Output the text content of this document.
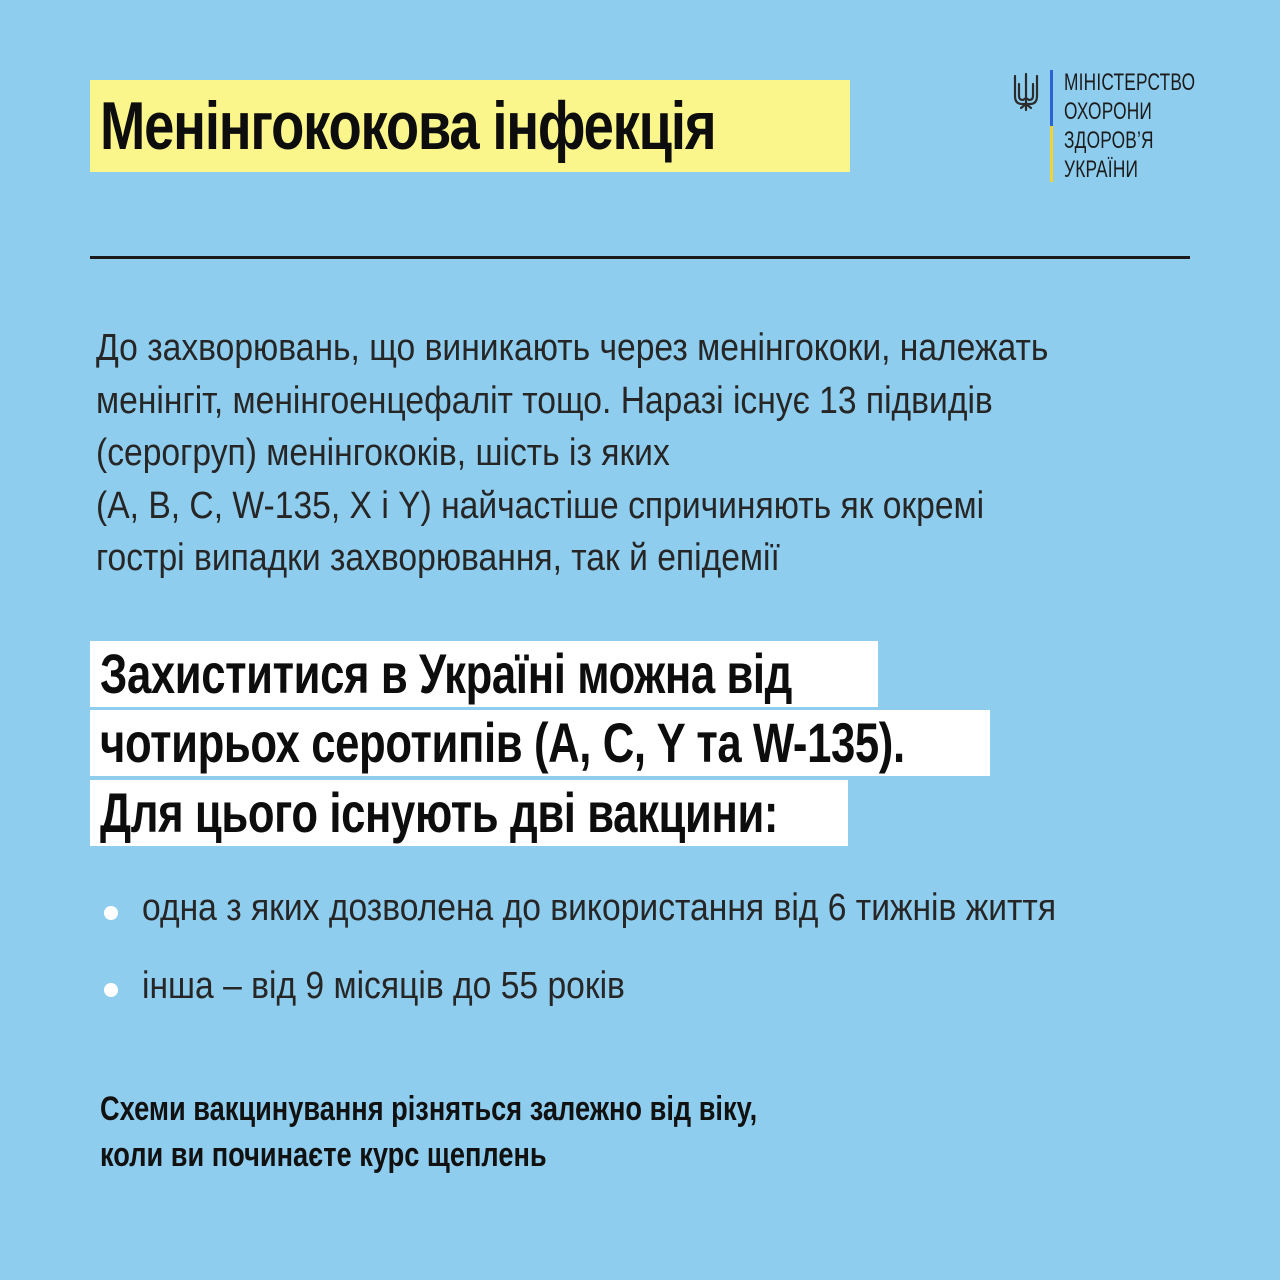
Менінгококова інфекція
МІНІСТЕРСТВО
ОХОРОНИ
ЗДОРОВ’Я
УКРАЇНИ
До захворювань, що виникають через менінгококи, належать
менінгіт, менінгоенцефаліт тощо. Наразі існує 13 підвидів
(серогруп) менінгококів, шість із яких
(A, B, C, W-135, X і Y) найчастіше спричиняють як окремі
гострі випадки захворювання, так й епідемії
Захиститися в Україні можна від
чотирьох серотипів (A, C, Y та W-135).
Для цього існують дві вакцини:
одна з яких дозволена до використання від 6 тижнів життя
інша – від 9 місяців до 55 років
Схеми вакцинування різняться залежно від віку,
коли ви починаєте курс щеплень
